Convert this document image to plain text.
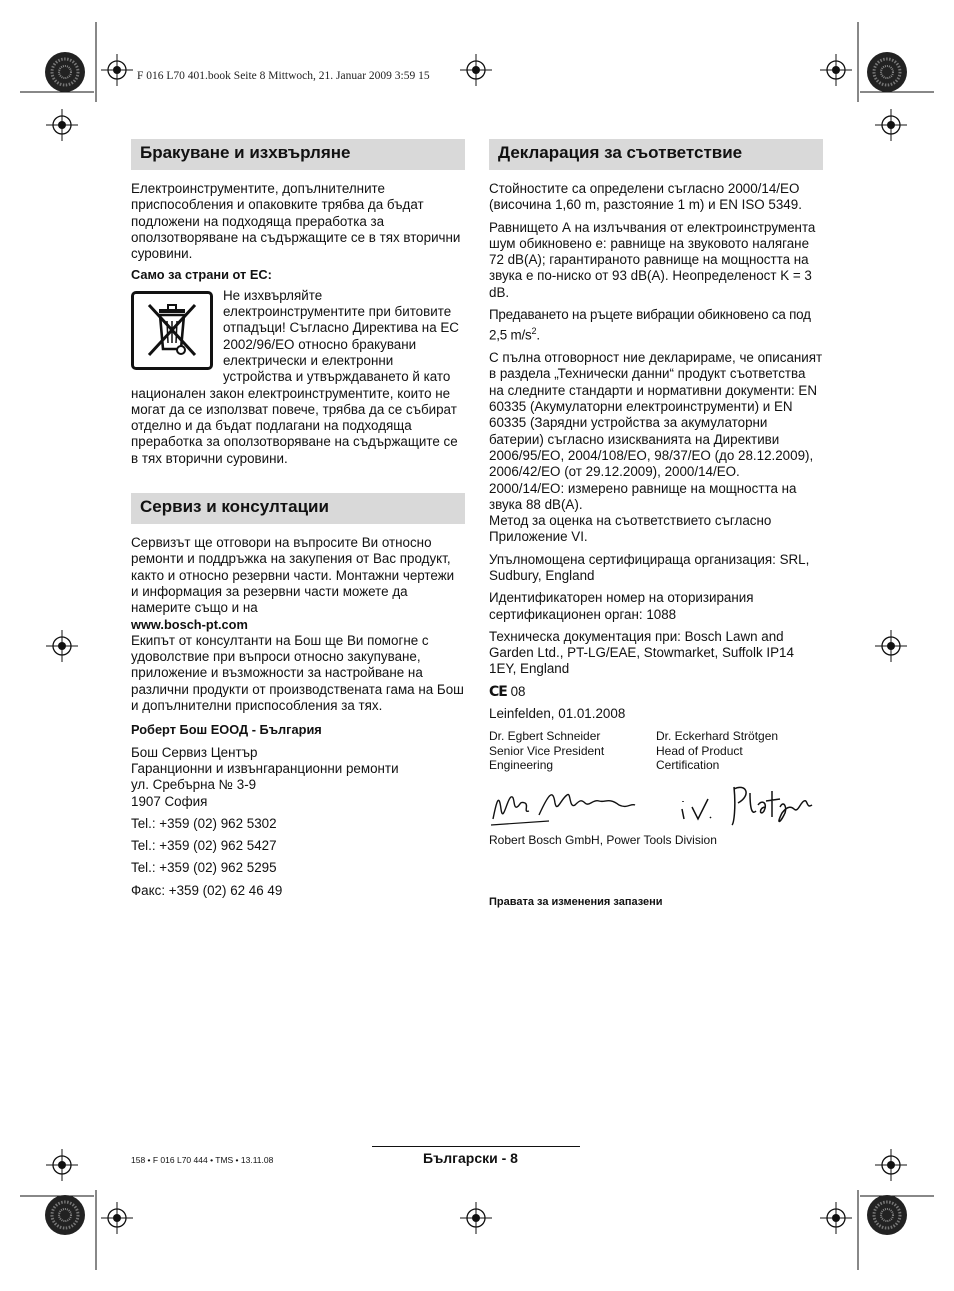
F 016 L70 401.book Seite 8 Mittwoch, 21. Januar 2009 3:59 15
Бракуване и изхвърляне

Електроинструментите, допълнителните приспособления и опаковките трябва да бъдат подложени на подходяща преработка за оползотворяване на съдържащите се в тях вторични суровини.

Само за страни от ЕС:

Не изхвърляйте електроинструментите при битовите отпадъци! Съгласно Директива на ЕС 2002/96/ЕО относно бракувани електрически и електронни устройства и утвърждаването й като национален закон електроинструментите, които не могат да се използват повече, трябва да се събират отделно и да бъдат подлагани на подходяща преработка за оползотворяване на съдържащите се в тях вторични суровини.

Сервиз и консултации

Сервизът ще отговори на въпросите Ви относно ремонти и поддръжка на закупения от Вас продукт, както и относно резервни части. Монтажни чертежи и информация за резервни части можете да намерите също и на

www.bosch-pt.com

Екипът от консултанти на Бош ще Ви помогне с удоволствие при въпроси относно закупуване, приложение и възможности за настройване на различни продукти от производствената гама на Бош и допълнителни приспособления за тях.

Роберт Бош ЕООД - България

Бош Сервиз Център

Гаранционни и извънгаранционни ремонти

ул. Сребърна № 3-9

1907 София

Tel.: +359 (02) 962 5302

Tel.: +359 (02) 962 5427

Tel.: +359 (02) 962 5295

Факс: +359 (02) 62 46 49

Декларация за съответствие

Стойностите са определени съгласно 2000/14/ЕО (височина 1,60 m, разстояние 1 m) и EN ISO 5349.

Равнището А на излъчвания от електроинструмента шум обикновено е: равнище на звуковото налягане 72 dB(A); гарантираното равнище на мощността на звука е по-ниско от 93 dB(A). Неопределеност K = 3 dB.

Предаването на ръцете вибрации обикновено са под 2,5 $m/s^2$.

С пълна отговорност ние декларираме, че описаният в раздела „Технически данни“ продукт съответства на следните стандарти и нормативни документи: EN 60335 (Акумулаторни електроинструменти) и EN 60335 (Зарядни устройства за акумулаторни батерии) съгласно изискванията на Директиви 2006/95/ЕО, 2004/108/ЕО, 98/37/ЕО (до 28.12.2009), 2006/42/ЕО (от 29.12.2009), 2000/14/ЕО.

2000/14/ЕО: измерено равнище на мощността на звука 88 dB(A).

Метод за оценка на съответствието съгласно Приложение VI.

Упълномощена сертифицираща организация: SRL, Sudbury, England

Идентификаторен номер на оторизирания сертификационен орган: 1088

Техническа документация при: Bosch Lawn and Garden Ltd., PT-LG/EAE, Stowmarket, Suffolk IP14 1EY, England

CE 08

Leinfelden, 01.01.2008

Dr. Egbert Schneider
Senior Vice President
Engineering
Dr. Eckerhard Strötgen
Head of Product
Certification

Robert Bosch GmbH, Power Tools Division

Правата за изменения запазени

158 • F 016 L70 444 • TMS • 13.11.08	Български - 8
